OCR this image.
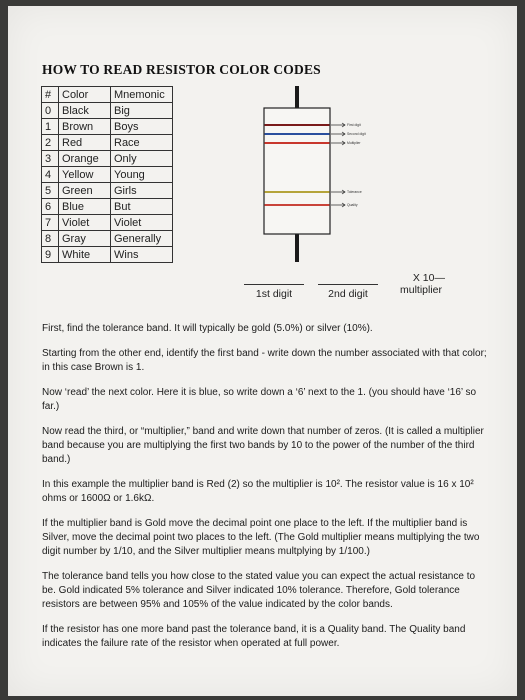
HOW TO READ RESISTOR COLOR CODES
#	Color	Mnemonic
0	Black	Big
1	Brown	Boys
2	Red	Race
3	Orange	Only
4	Yellow	Young
5	Green	Girls
6	Blue	But
7	Violet	Violet
8	Gray	Generally
9	White	Wins
First digit
Second digit
Multiplier
Tolerance
Quality
1st digit	2nd digit
X 10—
multiplier

First, find the tolerance band. It will typically be gold (5.0%) or silver (10%).

Starting from the other end, identify the first band - write down the number associated with that color; in this case Brown is 1.

Now ‘read’ the next color. Here it is blue, so write down a ‘6’ next to the 1. (you should have ‘16’ so far.)

Now read the third, or “multiplier,” band and write down that number of zeros. (It is called a multiplier band because you are multiplying the first two bands by 10 to the power of the number of the third band.)

In this example the multiplier band is Red (2) so the multiplier is 10². The resistor value is 16 x 10² ohms or 1600Ω or 1.6kΩ.

If the multiplier band is Gold move the decimal point one place to the left. If the multiplier band is Silver, move the decimal point two places to the left. (The Gold multiplier means multiplying the two digit number by 1/10, and the Silver multiplier means multplying by 1/100.)

The tolerance band tells you how close to the stated value you can expect the actual resistance to be. Gold indicated 5% tolerance and Silver indicated 10% tolerance. Therefore, Gold tolerance resistors are between 95% and 105% of the value indicated by the color bands.

If the resistor has one more band past the tolerance band, it is a Quality band. The Quality band indicates the failure rate of the resistor when operated at full power.
